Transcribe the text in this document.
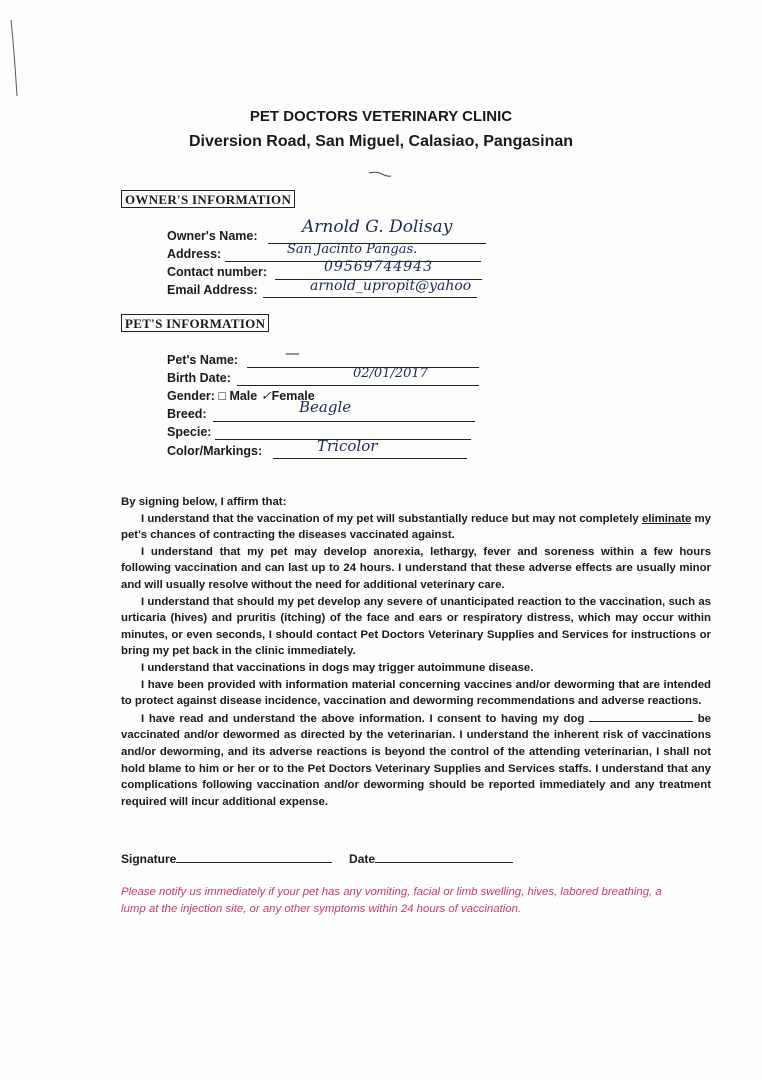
PET DOCTORS VETERINARY CLINIC
Diversion Road, San Miguel, Calasiao, Pangasinan
OWNER'S INFORMATION
Owner's Name:	Arnold G. Dolisay
Address:	San Jacinto Pangas.
Contact number:	09569744943
Email Address:	arnold_upropit@yahoo
PET'S INFORMATION
Pet's Name:	—
Birth Date:	02/01/2017
Gender: □ Male ✓Female
Breed:	Beagle
Specie:
Color/Markings:	Tricolor

By signing below, I affirm that:

I understand that the vaccination of my pet will substantially reduce but may not completely eliminate my pet's chances of contracting the diseases vaccinated against.

I understand that my pet may develop anorexia, lethargy, fever and soreness within a few hours following vaccination and can last up to 24 hours. I understand that these adverse effects are usually minor and will usually resolve without the need for additional veterinary care.

I understand that should my pet develop any severe of unanticipated reaction to the vaccination, such as urticaria (hives) and pruritis (itching) of the face and ears or respiratory distress, which may occur within minutes, or even seconds, I should contact Pet Doctors Veterinary Supplies and Services for instructions or bring my pet back in the clinic immediately.

I understand that vaccinations in dogs may trigger autoimmune disease.

I have been provided with information material concerning vaccines and/or deworming that are intended to protect against disease incidence, vaccination and deworming recommendations and adverse reactions.

I have read and understand the above information. I consent to having my dog	be vaccinated and/or dewormed as directed by the veterinarian. I understand the inherent risk of vaccinations and/or deworming, and its adverse reactions is beyond the control of the attending veterinarian, I shall not hold blame to him or her or to the Pet Doctors Veterinary Supplies and Services staffs. I understand that any complications following vaccination and/or deworming should be reported immediately and any treatment required will incur additional expense.

Signature	Date
Please notify us immediately if your pet has any vomiting, facial or limb swelling, hives, labored breathing, a lump at the injection site, or any other symptoms within 24 hours of vaccination.
